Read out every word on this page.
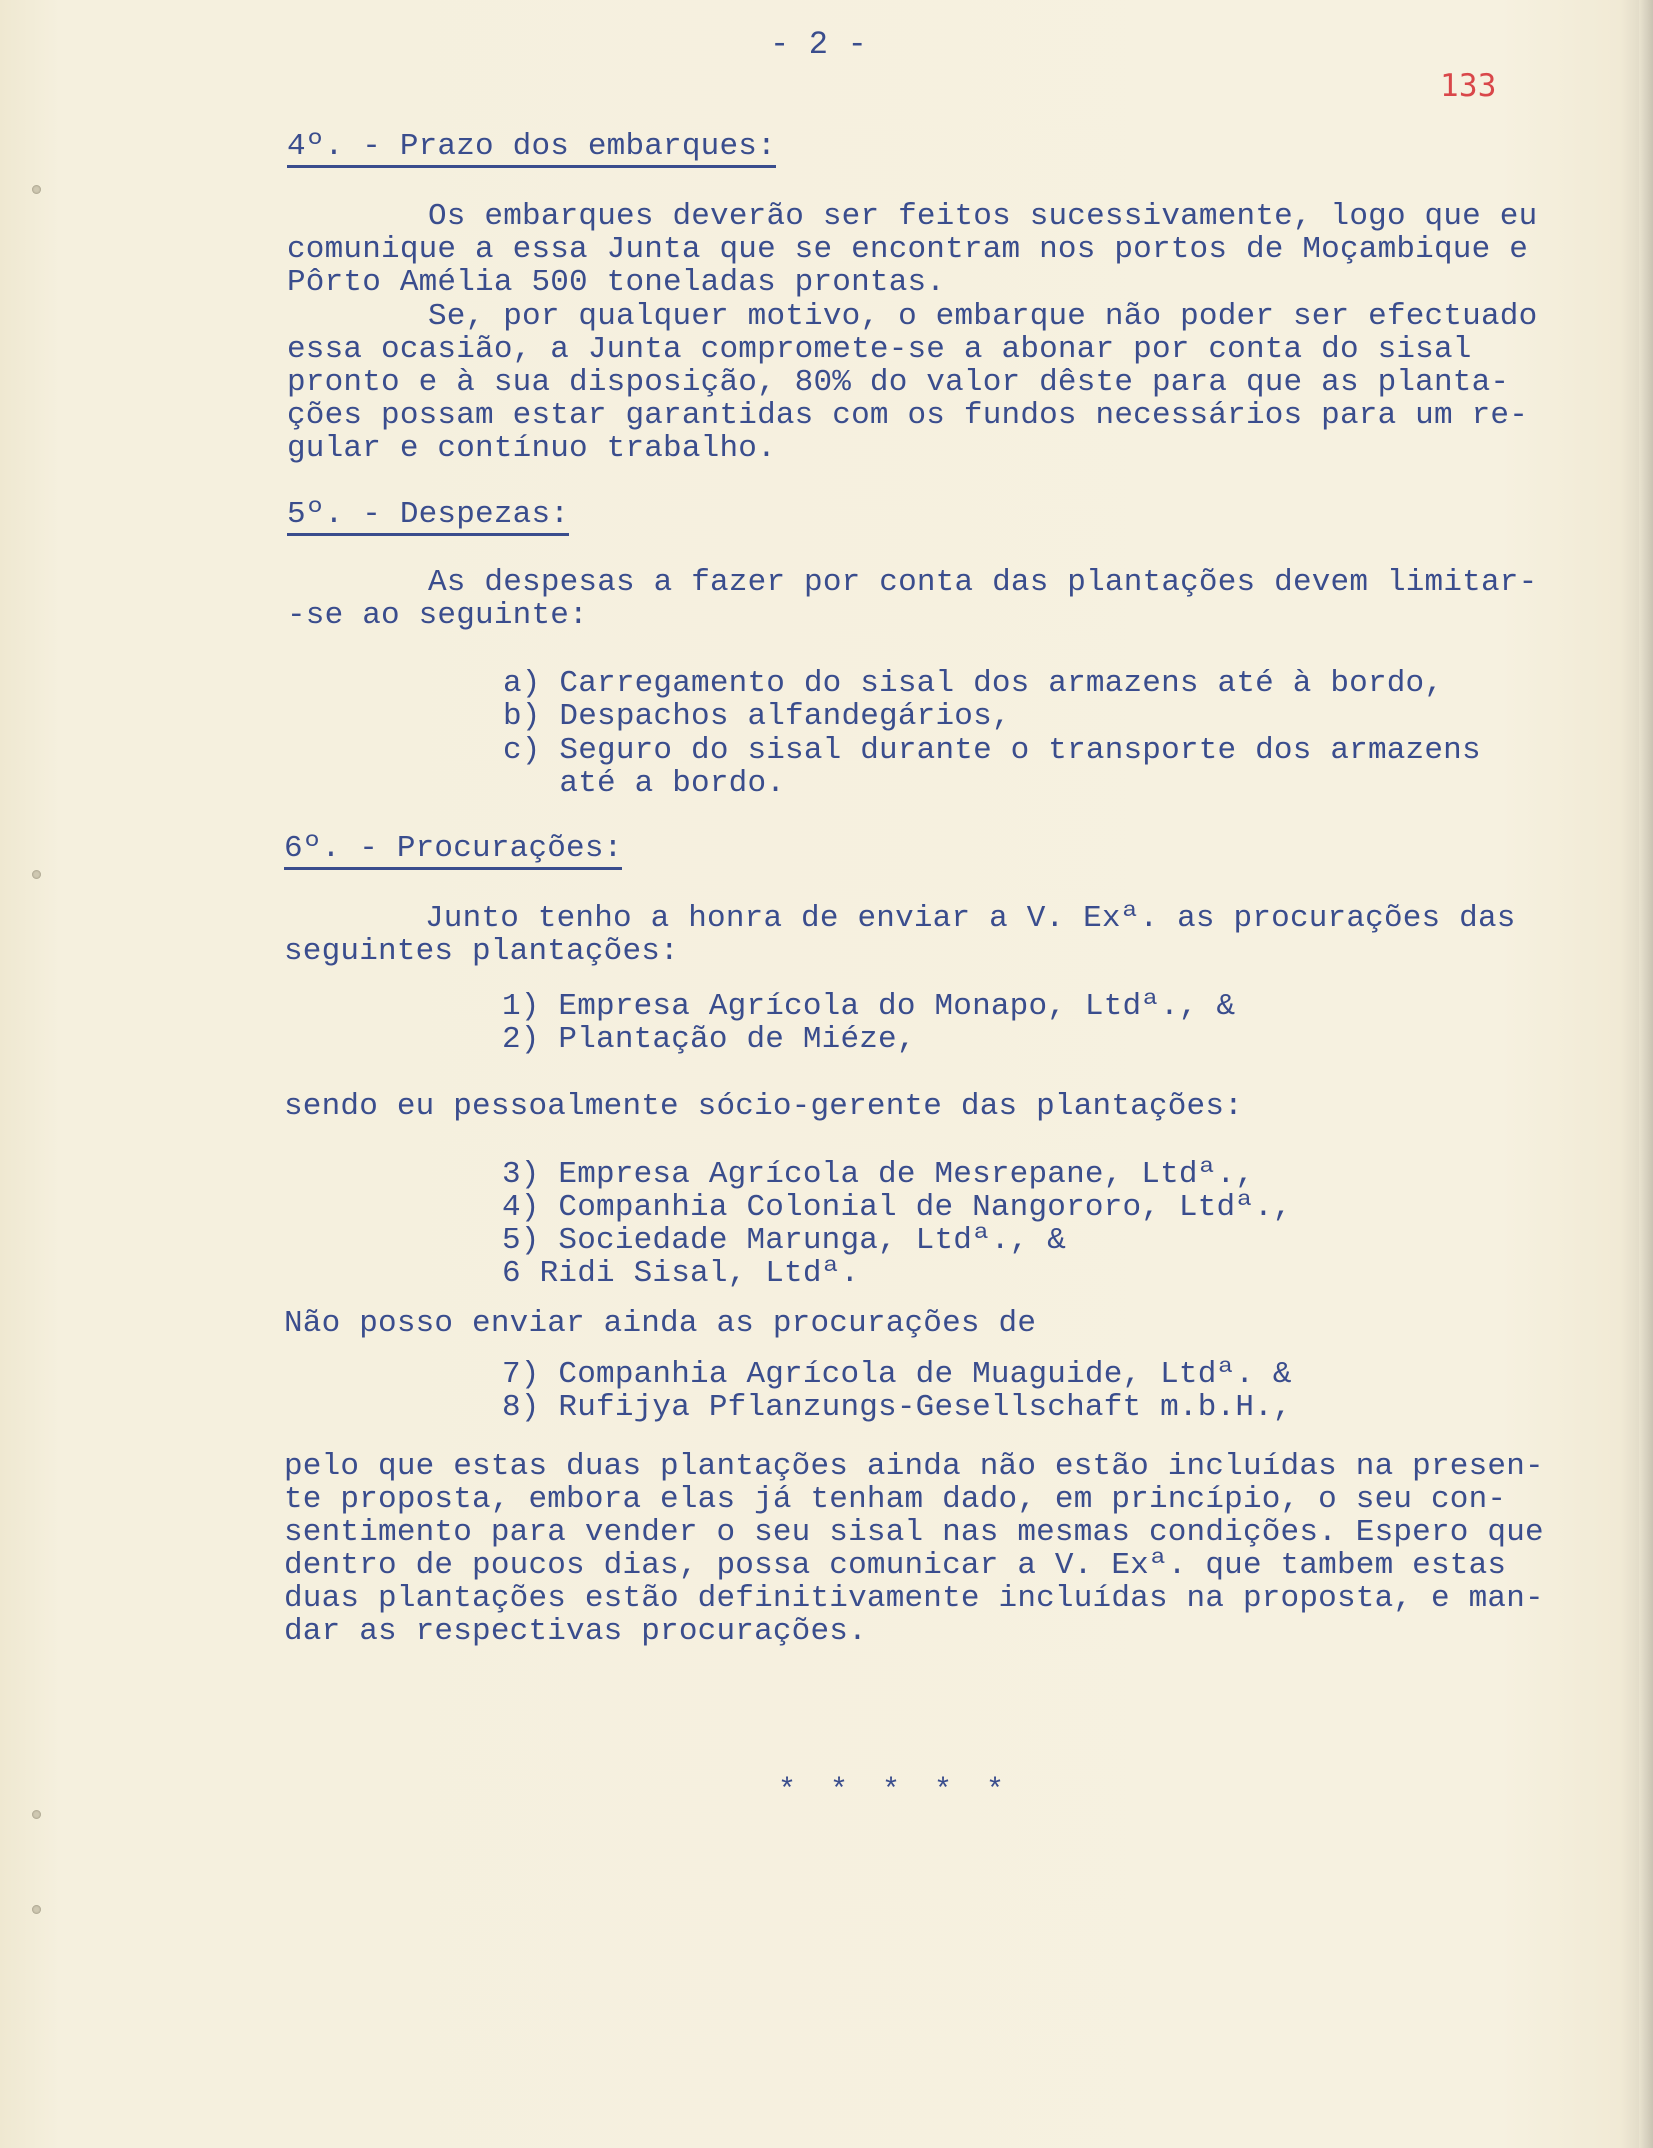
- 2 -
133
4º. - Prazo dos embarques:
Os embarques deverão ser feitos sucessivamente, logo que eu
comunique a essa Junta que se encontram nos portos de Moçambique e
Pôrto Amélia 500 toneladas prontas.
Se, por qualquer motivo, o embarque não poder ser efectuado
essa ocasião, a Junta compromete-se a abonar por conta do sisal
pronto e à sua disposição, 80% do valor dêste para que as planta-
ções possam estar garantidas com os fundos necessários para um re-
gular e contínuo trabalho.
5º. - Despezas:
As despesas a fazer por conta das plantações devem limitar-
-se ao seguinte:
a) Carregamento do sisal dos armazens até à bordo,
b) Despachos alfandegários,
c) Seguro do sisal durante o transporte dos armazens
até a bordo.
6º. - Procurações:
Junto tenho a honra de enviar a V. Exª. as procurações das
seguintes plantações:
1) Empresa Agrícola do Monapo, Ltdª., &
2) Plantação de Miéze,
sendo eu pessoalmente sócio-gerente das plantações:
3) Empresa Agrícola de Mesrepane, Ltdª.,
4) Companhia Colonial de Nangororo, Ltdª.,
5) Sociedade Marunga, Ltdª., &
6 Ridi Sisal, Ltdª.
Não posso enviar ainda as procurações de
7) Companhia Agrícola de Muaguide, Ltdª. &
8) Rufijya Pflanzungs-Gesellschaft m.b.H.,
pelo que estas duas plantações ainda não estão incluídas na presen-
te proposta, embora elas já tenham dado, em princípio, o seu con-
sentimento para vender o seu sisal nas mesmas condições. Espero que
dentro de poucos dias, possa comunicar a V. Exª. que tambem estas
duas plantações estão definitivamente incluídas na proposta, e man-
dar as respectivas procurações.
* * * * *
